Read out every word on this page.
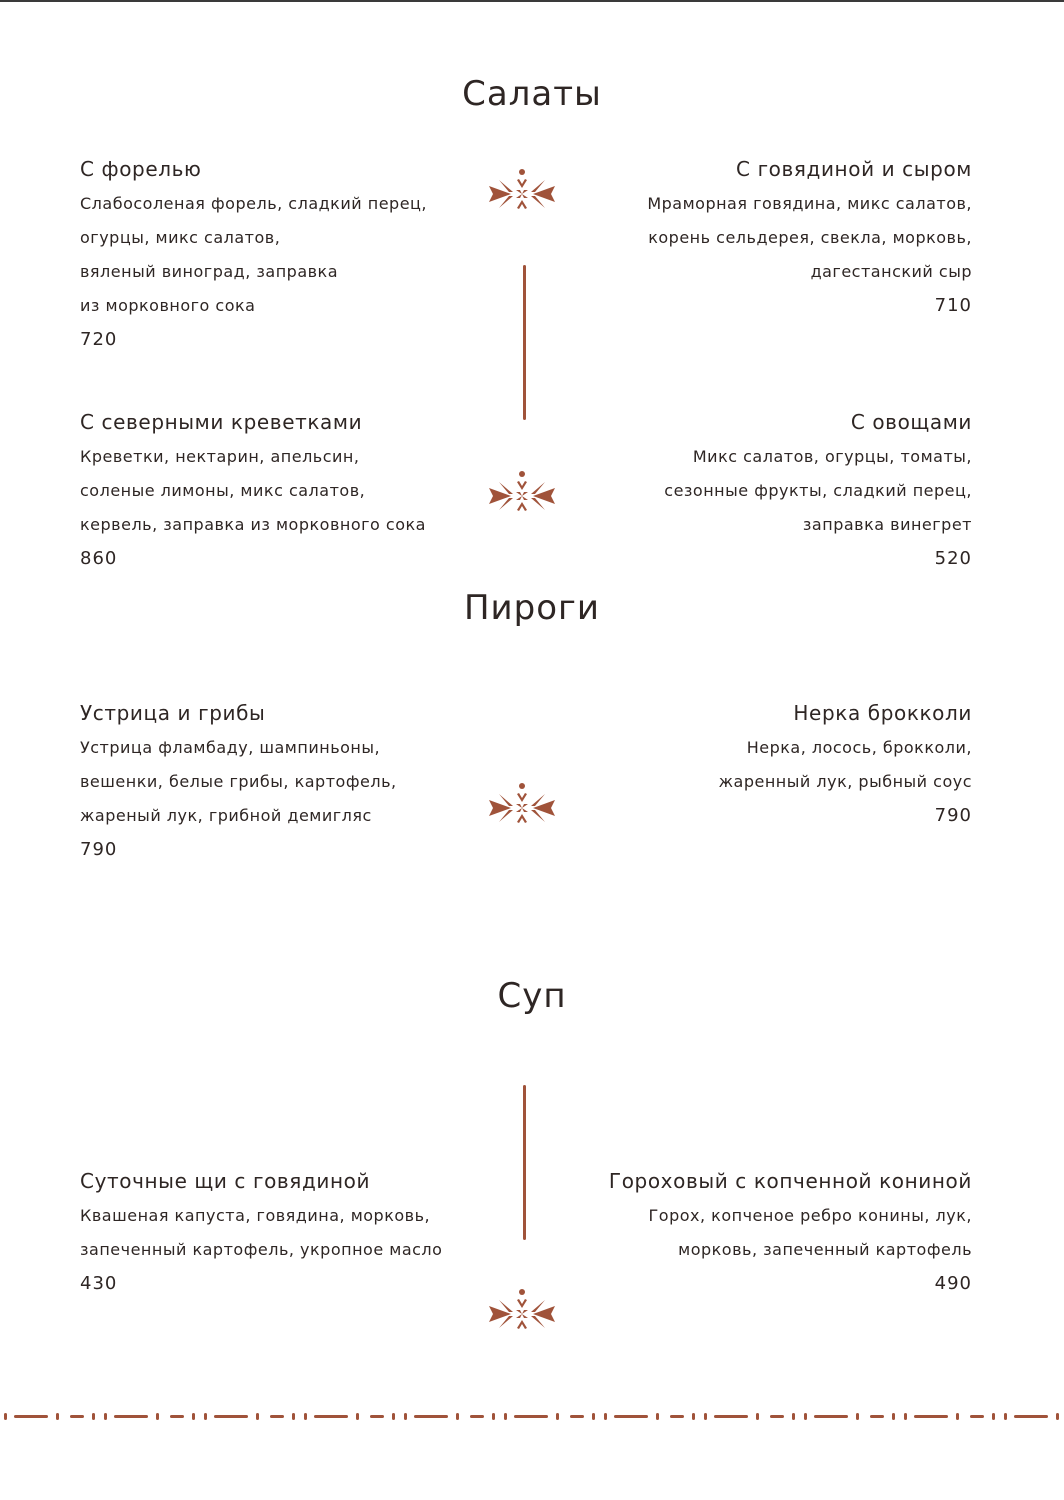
Салаты
С форелью
Слабосоленая форель, сладкий перец,
огурцы, микс салатов,
вяленый виноград, заправка
из морковного сока
720
С говядиной и сыром
Мраморная говядина, микс салатов,
корень сельдерея, свекла, морковь,
дагестанский сыр
710
С северными креветками
Креветки, нектарин, апельсин,
соленые лимоны, микс салатов,
кервель, заправка из морковного сока
860
С овощами
Микс салатов, огурцы, томаты,
сезонные фрукты, сладкий перец,
заправка винегрет
520
Пироги
Устрица и грибы
Устрица фламбаду, шампиньоны,
вешенки, белые грибы, картофель,
жареный лук, грибной демигляс
790
Нерка брокколи
Нерка, лосось, брокколи,
жаренный лук, рыбный соус
790
Суп
Суточные щи с говядиной
Квашеная капуста, говядина, морковь,
запеченный картофель, укропное масло
430
Гороховый с копченной кониной
Горох, копченое ребро конины, лук,
морковь, запеченный картофель
490
